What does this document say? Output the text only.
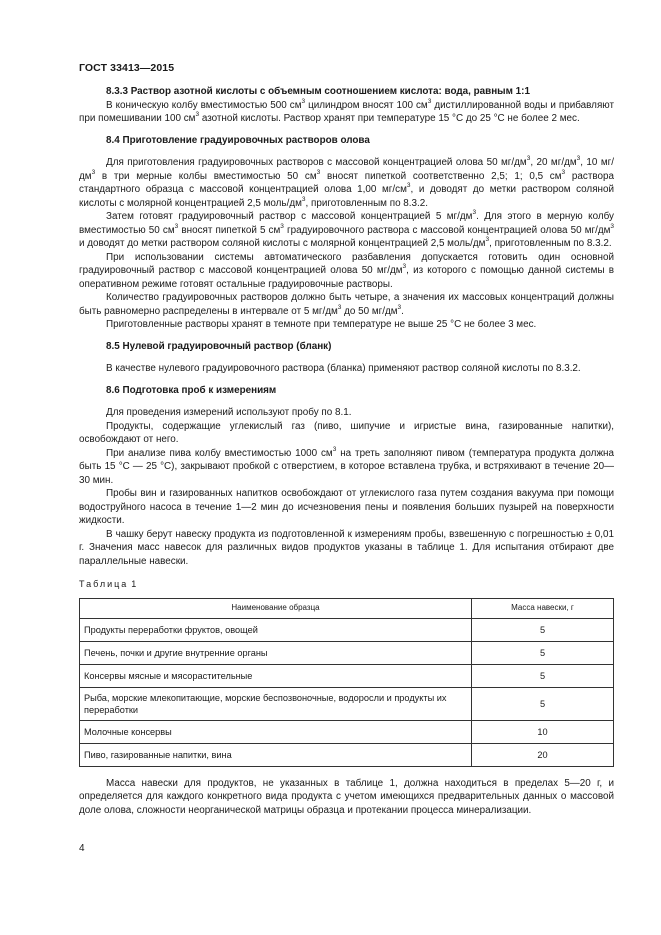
ГОСТ 33413—2015
8.3.3 Раствор азотной кислоты с объемным соотношением кислота: вода, равным 1:1

В коническую колбу вместимостью 500 $см^3$ цилиндром вносят 100 $см^3$ дистиллированной воды и прибавляют при помешивании 100 $см^3$ азотной кислоты. Раствор хранят при температуре 15 °С до 25 °С не более 2 мес.

8.4 Приготовление градуировочных растворов олова

Для приготовления градуировочных растворов с массовой концентрацией олова 50 $мг/дм^3$, 20 $мг/дм^3$, 10 $мг/дм^3$ в три мерные колбы вместимостью 50 $см^3$ вносят пипеткой соответственно 2,5; 1; 0,5 $см^3$ раствора стандартного образца с массовой концентрацией олова 1,00 $мг/см^3$, и доводят до метки раствором соляной кислоты с молярной концентрацией 2,5 моль/$дм^3$, приготовленным по 8.3.2.

Затем готовят градуировочный раствор с массовой концентрацией 5 $мг/дм^3$. Для этого в мерную колбу вместимостью 50 $см^3$ вносят пипеткой 5 $см^3$ градуировочного раствора с массовой концентрацией олова 50 $мг/дм^3$ и доводят до метки раствором соляной кислоты с молярной концентрацией 2,5 моль/$дм^3$, приготовленным по 8.3.2.

При использовании системы автоматического разбавления допускается готовить один основной градуировочный раствор с массовой концентрацией олова 50 $мг/дм^3$, из которого с помощью данной системы в оперативном режиме готовят остальные градуировочные растворы.

Количество градуировочных растворов должно быть четыре, а значения их массовых концентраций должны быть равномерно распределены в интервале от 5 $мг/дм^3$ до 50 $мг/дм^3$.

Приготовленные растворы хранят в темноте при температуре не выше 25 °С не более 3 мес.

8.5 Нулевой градуировочный раствор (бланк)

В качестве нулевого градуировочного раствора (бланка) применяют раствор соляной кислоты по 8.3.2.

8.6 Подготовка проб к измерениям

Для проведения измерений используют пробу по 8.1.

Продукты, содержащие углекислый газ (пиво, шипучие и игристые вина, газированные напитки), освобождают от него.

При анализе пива колбу вместимостью 1000 $см^3$ на треть заполняют пивом (температура продукта должна быть 15 °С — 25 °С), закрывают пробкой с отверстием, в которое вставлена трубка, и встряхивают в течение 20—30 мин.

Пробы вин и газированных напитков освобождают от углекислого газа путем создания вакуума при помощи водоструйного насоса в течение 1—2 мин до исчезновения пены и появления больших пузырей на поверхности жидкости.

В чашку берут навеску продукта из подготовленной к измерениям пробы, взвешенную с погрешностью ± 0,01 г. Значения масс навесок для различных видов продуктов указаны в таблице 1. Для испытания отбирают две параллельные навески.

Таблица 1
Наименование образца	Масса навески, г
Продукты переработки фруктов, овощей	5
Печень, почки и другие внутренние органы	5
Консервы мясные и мясорастительные	5
Рыба, морские млекопитающие, морские беспозвоночные, водоросли и продукты их переработки	5
Молочные консервы	10
Пиво, газированные напитки, вина	20

Масса навески для продуктов, не указанных в таблице 1, должна находиться в пределах 5—20 г, и определяется для каждого конкретного вида продукта с учетом имеющихся предварительных данных о массовой доле олова, сложности неорганической матрицы образца и протекании процесса минерализации.

4
